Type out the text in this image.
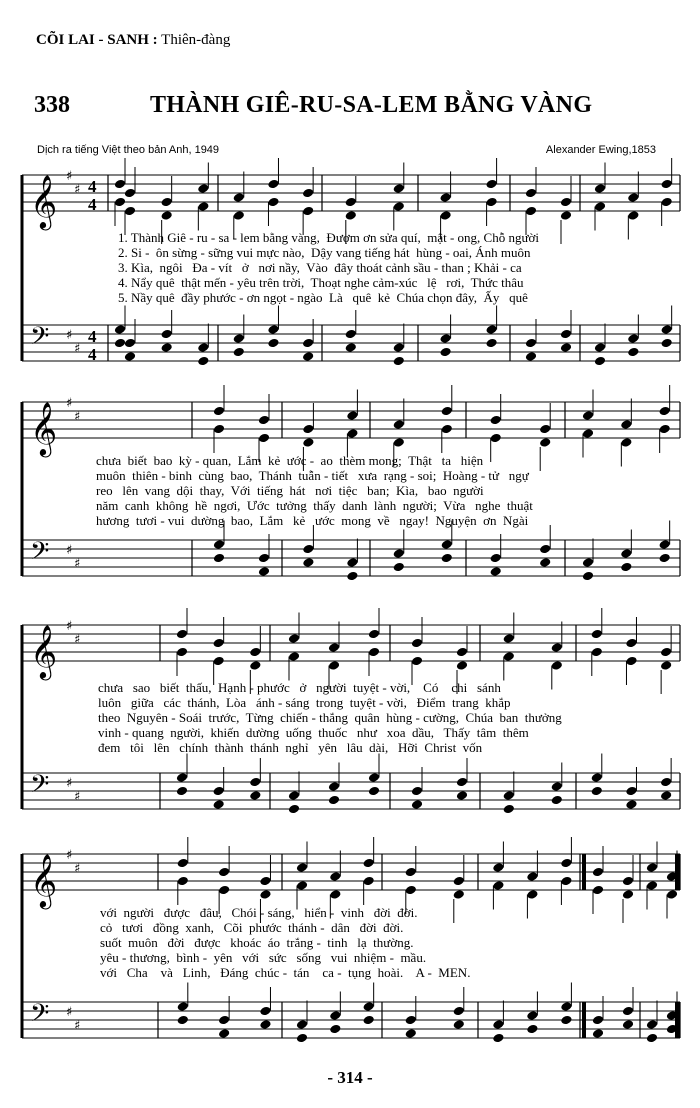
CÕI LAI - SANH : Thiên-đàng
338	THÀNH GIÊ-RU-SA-LEM BẰNG VÀNG
Dịch ra tiếng Việt theo bản Anh, 1949	Alexander Ewing,1853
𝄞 ♯
♯ 4
4
𝄢 ♯
♯
4
4
1. Thành Giê - ru - sa - lem bằng vàng,  Đượm ơn sửa quí,  mật - ong, Chỗ người
2. Si -  ôn sừng - sững vui mực nào,  Dậy vang tiếng hát  hùng - oai, Ánh muôn
3. Kìa,  ngôi   Đa - vít   ở   nơi nầy,  Vào  đây thoát cảnh sầu - than ; Khải - ca
4. Nẩy quê  thật mến - yêu trên trời,  Thoạt nghe cảm-xúc   lệ   rơi,  Thức thâu
5. Nầy quê  đầy phước - ơn ngọt - ngào  Là   quê  kẻ  Chúa chọn đây,  Ấy   quê
𝄞 ♯
♯
𝄢 ♯
♯
chưa  biết  bao  kỳ - quan,  Lắm  kẻ  ước -  ao  thèm mong;  Thật   ta   hiện
muôn  thiên - binh  cùng  bao,  Thánh  tuẫn - tiết   xưa  rạng - soi;  Hoàng - tử   ngự
reo   lên  vang  dội  thay,  Với  tiếng  hát   nơi  tiệc   ban;  Kìa,   bao  người
năm  canh  không  hề  ngơi,  Ước  tưởng  thấy  danh  lành  người;  Vừa   nghe  thuật
hương  tươi - vui  dường  bao,  Lắm   kẻ   ước  mong  về   ngay!  Nguyện  ơn  Ngài
𝄞 ♯
♯
𝄢 ♯
♯
chưa   sao   biết  thấu,  Hạnh - phước   ở   người  tuyệt - vời,    Có    chi   sánh
luôn   giữa   các  thánh,  Lòa   ánh - sáng  trong  tuyệt - vời,   Điểm  trang  khắp
theo  Nguyên - Soái  trước,  Từng  chiến - thắng  quân  hùng - cường,  Chúa  ban  thưởng
vinh - quang  người,  khiến  dường  uống  thuốc   như   xoa  dầu,   Thấy  tâm  thêm
đem   tôi   lên   chính  thành  thánh  nghỉ   yên   lâu  dài,   Hỡi  Christ  vốn
𝄞 ♯
♯
𝄢 ♯
♯
với  người   được   đâu,   Chói - sáng,   hiển -  vinh   đời  đời.
cỏ   tươi   đồng  xanh,   Cõi  phước  thánh -  dân   đời  đời.
suốt  muôn   đời   được   khoác  áo  trắng -  tinh   lạ  thường.
yêu - thương,  bình -  yên   với   sức   sống   vui  nhiệm -  mầu.
với   Cha    và   Linh,   Đáng  chúc -  tán    ca -  tụng  hoài.    A -  MEN.
- 314 -
